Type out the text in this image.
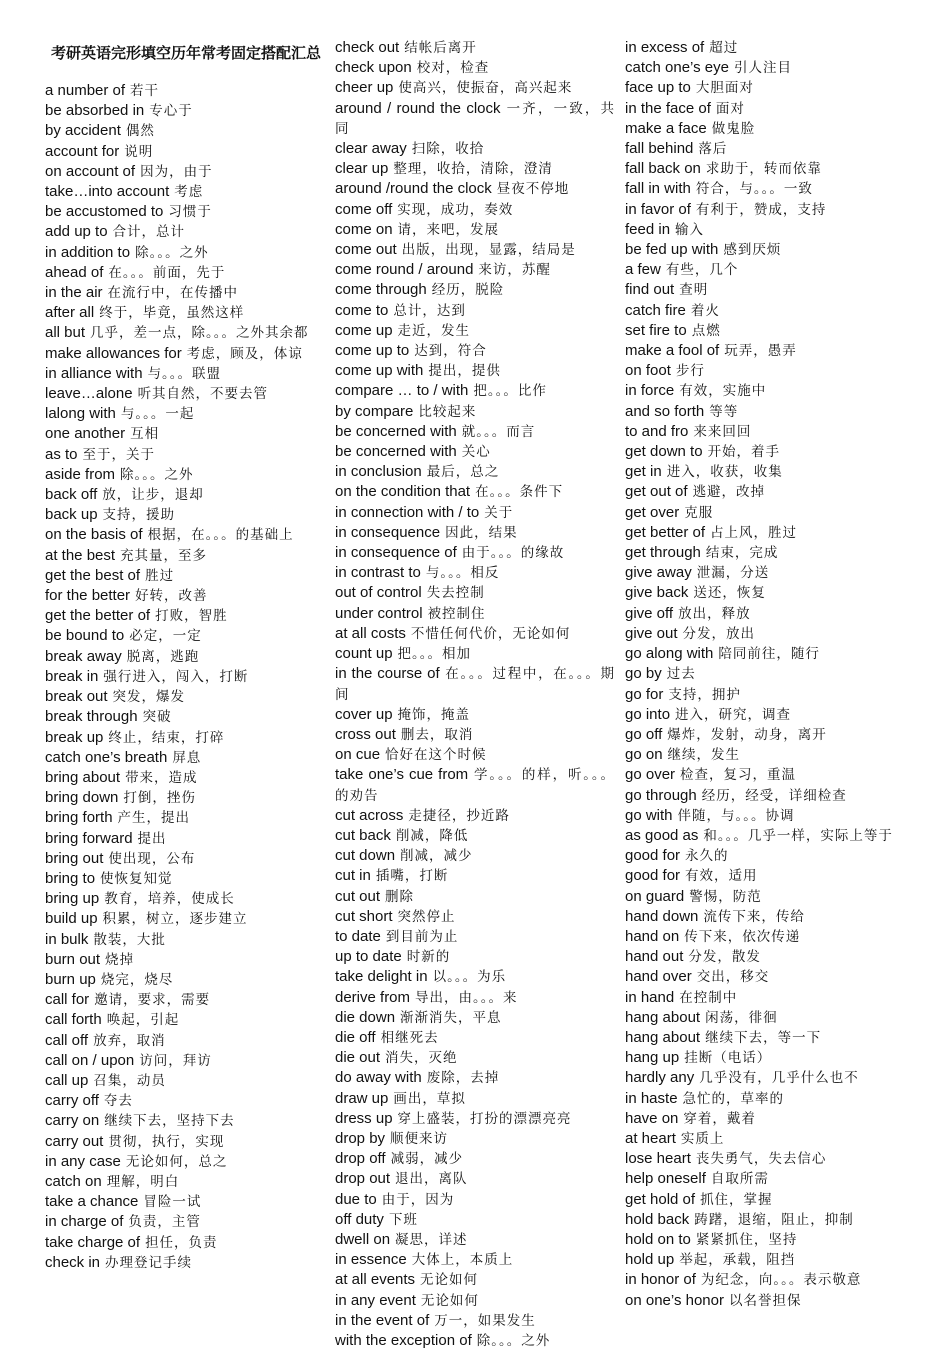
考研英语完形填空历年常考固定搭配汇总
a number of 若干
be absorbed in 专心于
by accident 偶然
account for 说明
on account of 因为，由于
take…into account 考虑
be accustomed to 习惯于
add up to 合计，总计
in addition to 除。。。之外
ahead of 在。。。前面，先于
in the air 在流行中，在传播中
after all 终于，毕竟，虽然这样
all but 几乎，差一点，除。。。之外其余都
make allowances for 考虑，顾及，体谅
in alliance with 与。。。联盟
leave…alone 听其自然，不要去管
lalong with 与。。。一起
one another 互相
as to 至于，关于
aside from 除。。。之外
back off 放，让步，退却
back up 支持，援助
on the basis of 根据，在。。。的基础上
at the best 充其量，至多
get the best of 胜过
for the better 好转，改善
get the better of 打败，智胜
be bound to 必定，一定
break away 脱离，逃跑
break in 强行进入，闯入，打断
break out 突发，爆发
break through 突破
break up 终止，结束，打碎
catch one’s breath 屏息
bring about 带来，造成
bring down 打倒，挫伤
bring forth 产生，提出
bring forward 提出
bring out 使出现，公布
bring to 使恢复知觉
bring up 教育，培养，使成长
build up 积累，树立，逐步建立
in bulk 散装，大批
burn out 烧掉
burn up 烧完，烧尽
call for 邀请，要求，需要
call forth 唤起，引起
call off 放弃，取消
call on / upon 访问，拜访
call up 召集，动员
carry off 夺去
carry on 继续下去，坚持下去
carry out 贯彻，执行，实现
in any case 无论如何，总之
catch on 理解，明白
take a chance 冒险一试
in charge of 负责，主管
take charge of 担任，负责
check in 办理登记手续
check out 结帐后离开
check upon 校对，检查
cheer up 使高兴，使振奋，高兴起来
around / round the clock 一齐，一致，共同
clear away 扫除，收拾
clear up 整理，收拾，清除，澄清
around /round the clock 昼夜不停地
come off 实现，成功，奏效
come on 请，来吧，发展
come out 出版，出现，显露，结局是
come round / around 来访，苏醒
come through 经历，脱险
come to 总计，达到
come up 走近，发生
come up to 达到，符合
come up with 提出，提供
compare … to / with 把。。。比作
by compare 比较起来
be concerned with 就。。。而言
be concerned with 关心
in conclusion 最后，总之
on the condition that 在。。。条件下
in connection with / to 关于
in consequence 因此，结果
in consequence of 由于。。。的缘故
in contrast to 与。。。相反
out of control 失去控制
under control 被控制住
at all costs 不惜任何代价，无论如何
count up 把。。。相加
in the course of 在。。。过程中，在。。。期间
cover up 掩饰，掩盖
cross out 删去，取消
on cue 恰好在这个时候
take one’s cue from 学。。。的样，听。。。的劝告
cut across 走捷径，抄近路
cut back 削减，降低
cut down 削减，减少
cut in 插嘴，打断
cut out 删除
cut short 突然停止
to date 到目前为止
up to date 时新的
take delight in 以。。。为乐
derive from 导出，由。。。来
die down 渐渐消失，平息
die off 相继死去
die out 消失，灭绝
do away with 废除，去掉
draw up 画出，草拟
dress up 穿上盛装，打扮的漂漂亮亮
drop by 顺便来访
drop off 减弱，减少
drop out 退出，离队
due to 由于，因为
off duty 下班
dwell on 凝思，详述
in essence 大体上，本质上
at all events 无论如何
in any event 无论如何
in the event of 万一，如果发生
with the exception of 除。。。之外
in excess of 超过
catch one’s eye 引人注目
face up to 大胆面对
in the face of 面对
make a face 做鬼脸
fall behind 落后
fall back on 求助于，转而依靠
fall in with 符合，与。。。一致
in favor of 有利于，赞成，支持
feed in 输入
be fed up with 感到厌烦
a few 有些，几个
find out 查明
catch fire 着火
set fire to 点燃
make a fool of 玩弄，愚弄
on foot 步行
in force 有效，实施中
and so forth 等等
to and fro 来来回回
get down to 开始，着手
get in 进入，收获，收集
get out of 逃避，改掉
get over 克服
get better of 占上风，胜过
get through 结束，完成
give away 泄漏，分送
give back 送还，恢复
give off 放出，释放
give out 分发，放出
go along with 陪同前往，随行
go by 过去
go for 支持，拥护
go into 进入，研究，调查
go off 爆炸，发射，动身，离开
go on 继续，发生
go over 检查，复习，重温
go through 经历，经受，详细检查
go with 伴随，与。。。协调
as good as 和。。。几乎一样，实际上等于
good for 永久的
good for 有效，适用
on guard 警惕，防范
hand down 流传下来，传给
hand on 传下来，依次传递
hand out 分发，散发
hand over 交出，移交
in hand 在控制中
hang about 闲荡，徘徊
hang about 继续下去，等一下
hang up 挂断（电话）
hardly any 几乎没有，几乎什么也不
in haste 急忙的，草率的
have on 穿着，戴着
at heart 实质上
lose heart 丧失勇气，失去信心
help oneself 自取所需
get hold of 抓住，掌握
hold back 踌躇，退缩，阻止，抑制
hold on to 紧紧抓住，坚持
hold up 举起，承载，阻挡
in honor of 为纪念，向。。。表示敬意
on one’s honor 以名誉担保
